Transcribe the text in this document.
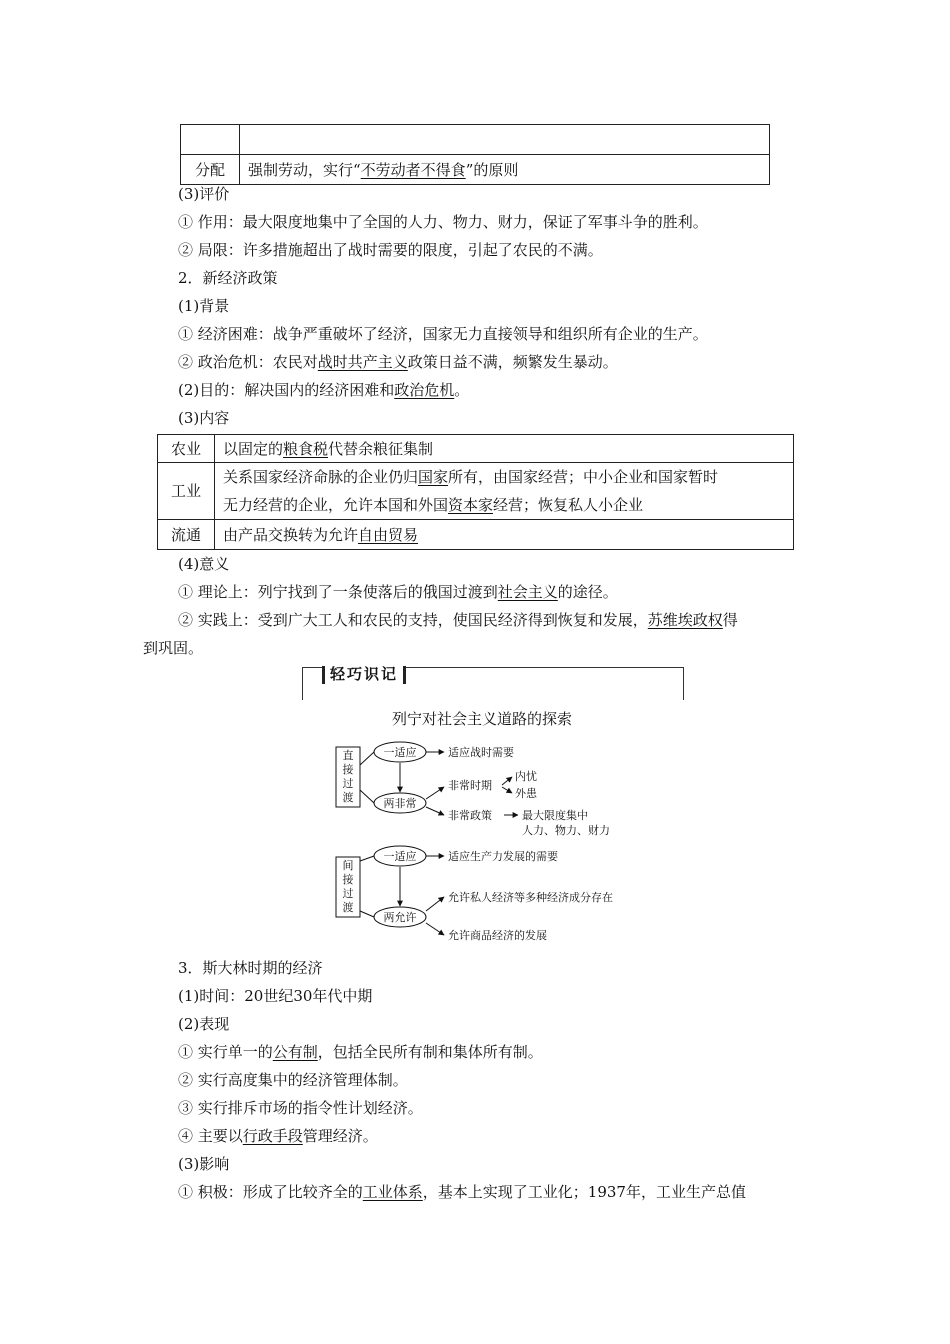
分配	强制劳动，实行“不劳动者不得食”的原则
(3)评价
① 作用：最大限度地集中了全国的人力、物力、财力，保证了军事斗争的胜利。
② 局限：许多措施超出了战时需要的限度，引起了农民的不满。
2．新经济政策
(1)背景
① 经济困难：战争严重破坏了经济，国家无力直接领导和组织所有企业的生产。
② 政治危机：农民对战时共产主义政策日益不满，频繁发生暴动。
(2)目的：解决国内的经济困难和政治危机。
(3)内容
农业	以固定的粮食税代替余粮征集制
工业	关系国家经济命脉的企业仍归国家所有，由国家经营；中小企业和国家暂时
无力经营的企业，允许本国和外国资本家经营；恢复私人小企业

流通	由产品交换转为允许自由贸易
(4)意义
① 理论上：列宁找到了一条使落后的俄国过渡到社会主义的途径。
② 实践上：受到广大工人和农民的支持，使国民经济得到恢复和发展，苏维埃政权得
到巩固。
轻巧识记
列宁对社会主义道路的探索
直
接
过
渡
一适应	适应战时需要
两非常
非常时期
内忧
外患
非常政策	最大限度集中
人力、物力、财力
间
接
过
渡
一适应	适应生产力发展的需要
两允许
允许私人经济等多种经济成分存在
允许商品经济的发展
3．斯大林时期的经济
(1)时间：20世纪30年代中期
(2)表现
① 实行单一的公有制，包括全民所有制和集体所有制。
② 实行高度集中的经济管理体制。
③ 实行排斥市场的指令性计划经济。
④ 主要以行政手段管理经济。
(3)影响
① 积极：形成了比较齐全的工业体系，基本上实现了工业化；1937年，工业生产总值
